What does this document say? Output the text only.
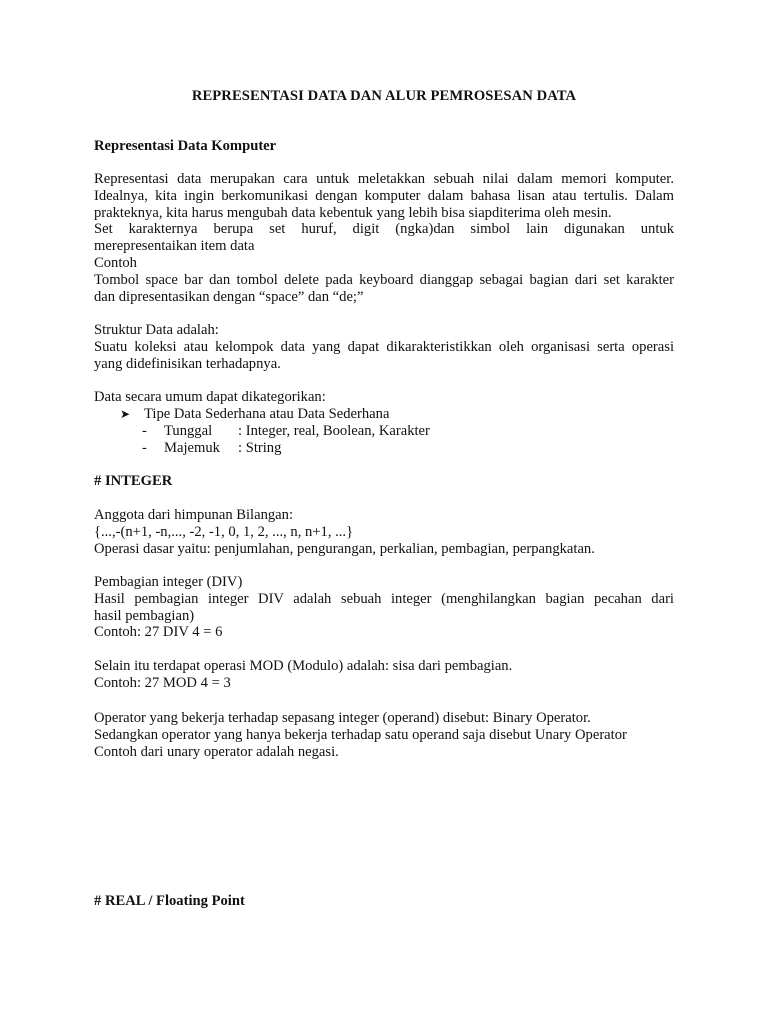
REPRESENTASI DATA DAN ALUR PEMROSESAN DATA
Representasi Data Komputer

Representasi data merupakan cara untuk meletakkan sebuah nilai dalam memori komputer.

Idealnya, kita ingin berkomunikasi dengan komputer dalam bahasa lisan atau tertulis. Dalam

prakteknya, kita harus mengubah data kebentuk yang lebih bisa siapditerima oleh mesin.

Set karakternya berupa set huruf, digit (ngka)dan simbol lain digunakan untuk

merepresentaikan item data

Contoh

Tombol space bar dan tombol delete pada keyboard dianggap sebagai bagian dari set karakter

dan dipresentasikan dengan “space” dan “de;”

Struktur Data adalah:

Suatu koleksi atau kelompok data yang dapat dikarakteristikkan oleh organisasi serta operasi

yang didefinisikan terhadapnya.

Data secara umum dapat dikategorikan:
➤ Tipe Data Sederhana atau Data Sederhana
- Tunggal : Integer, real, Boolean, Karakter
- Majemuk : String
# INTEGER

Anggota dari himpunan Bilangan:

{...,-(n+1, -n,..., -2, -1, 0, 1, 2, ..., n, n+1, ...}

Operasi dasar yaitu: penjumlahan, pengurangan, perkalian, pembagian, perpangkatan.

Pembagian integer (DIV)

Hasil pembagian integer DIV adalah sebuah integer (menghilangkan bagian pecahan dari

hasil pembagian)

Contoh: 27 DIV 4 = 6

Selain itu terdapat operasi MOD (Modulo) adalah: sisa dari pembagian.

Contoh: 27 MOD 4 = 3

Operator yang bekerja terhadap sepasang integer (operand) disebut: Binary Operator.

Sedangkan operator yang hanya bekerja terhadap satu operand saja disebut Unary Operator

Contoh dari unary operator adalah negasi.

# REAL / Floating Point
